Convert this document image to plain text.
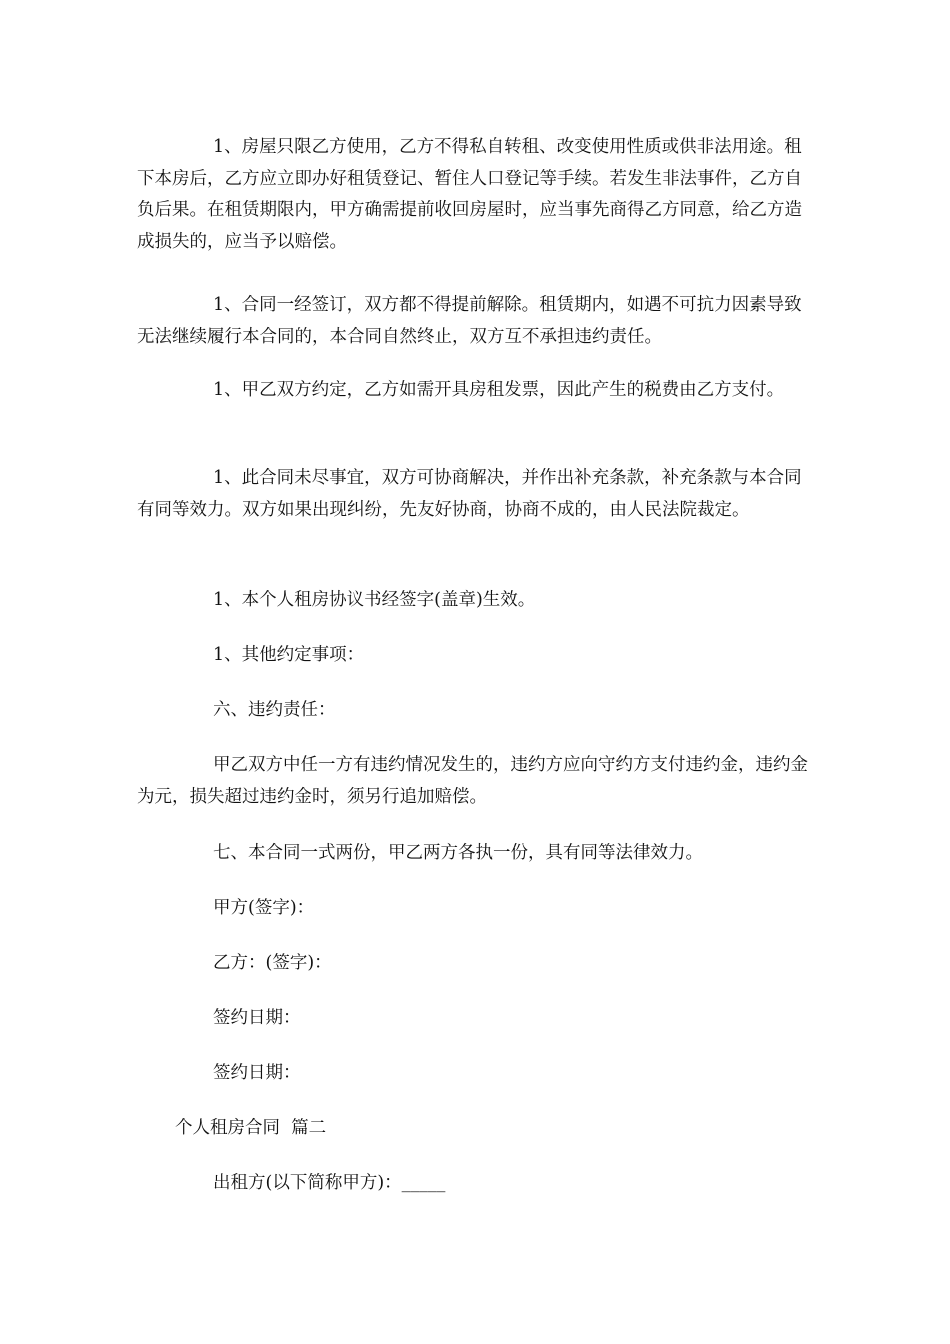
1、房屋只限乙方使用，乙方不得私自转租、改变使用性质或供非法用途。租下本房后，乙方应立即办好租赁登记、暂住人口登记等手续。若发生非法事件，乙方自负后果。在租赁期限内，甲方确需提前收回房屋时，应当事先商得乙方同意，给乙方造成损失的，应当予以赔偿。

1、合同一经签订，双方都不得提前解除。租赁期内，如遇不可抗力因素导致无法继续履行本合同的，本合同自然终止，双方互不承担违约责任。

1、甲乙双方约定，乙方如需开具房租发票，因此产生的税费由乙方支付。

1、此合同未尽事宜，双方可协商解决，并作出补充条款，补充条款与本合同有同等效力。双方如果出现纠纷，先友好协商，协商不成的，由人民法院裁定。

1、本个人租房协议书经签字(盖章)生效。

1、其他约定事项：

六、违约责任：

甲乙双方中任一方有违约情况发生的，违约方应向守约方支付违约金，违约金为元，损失超过违约金时，须另行追加赔偿。

七、本合同一式两份，甲乙两方各执一份，具有同等法律效力。

甲方(签字)：

乙方：(签字)：

签约日期：

签约日期：

个人租房合同  篇二

出租方(以下简称甲方)：_____
